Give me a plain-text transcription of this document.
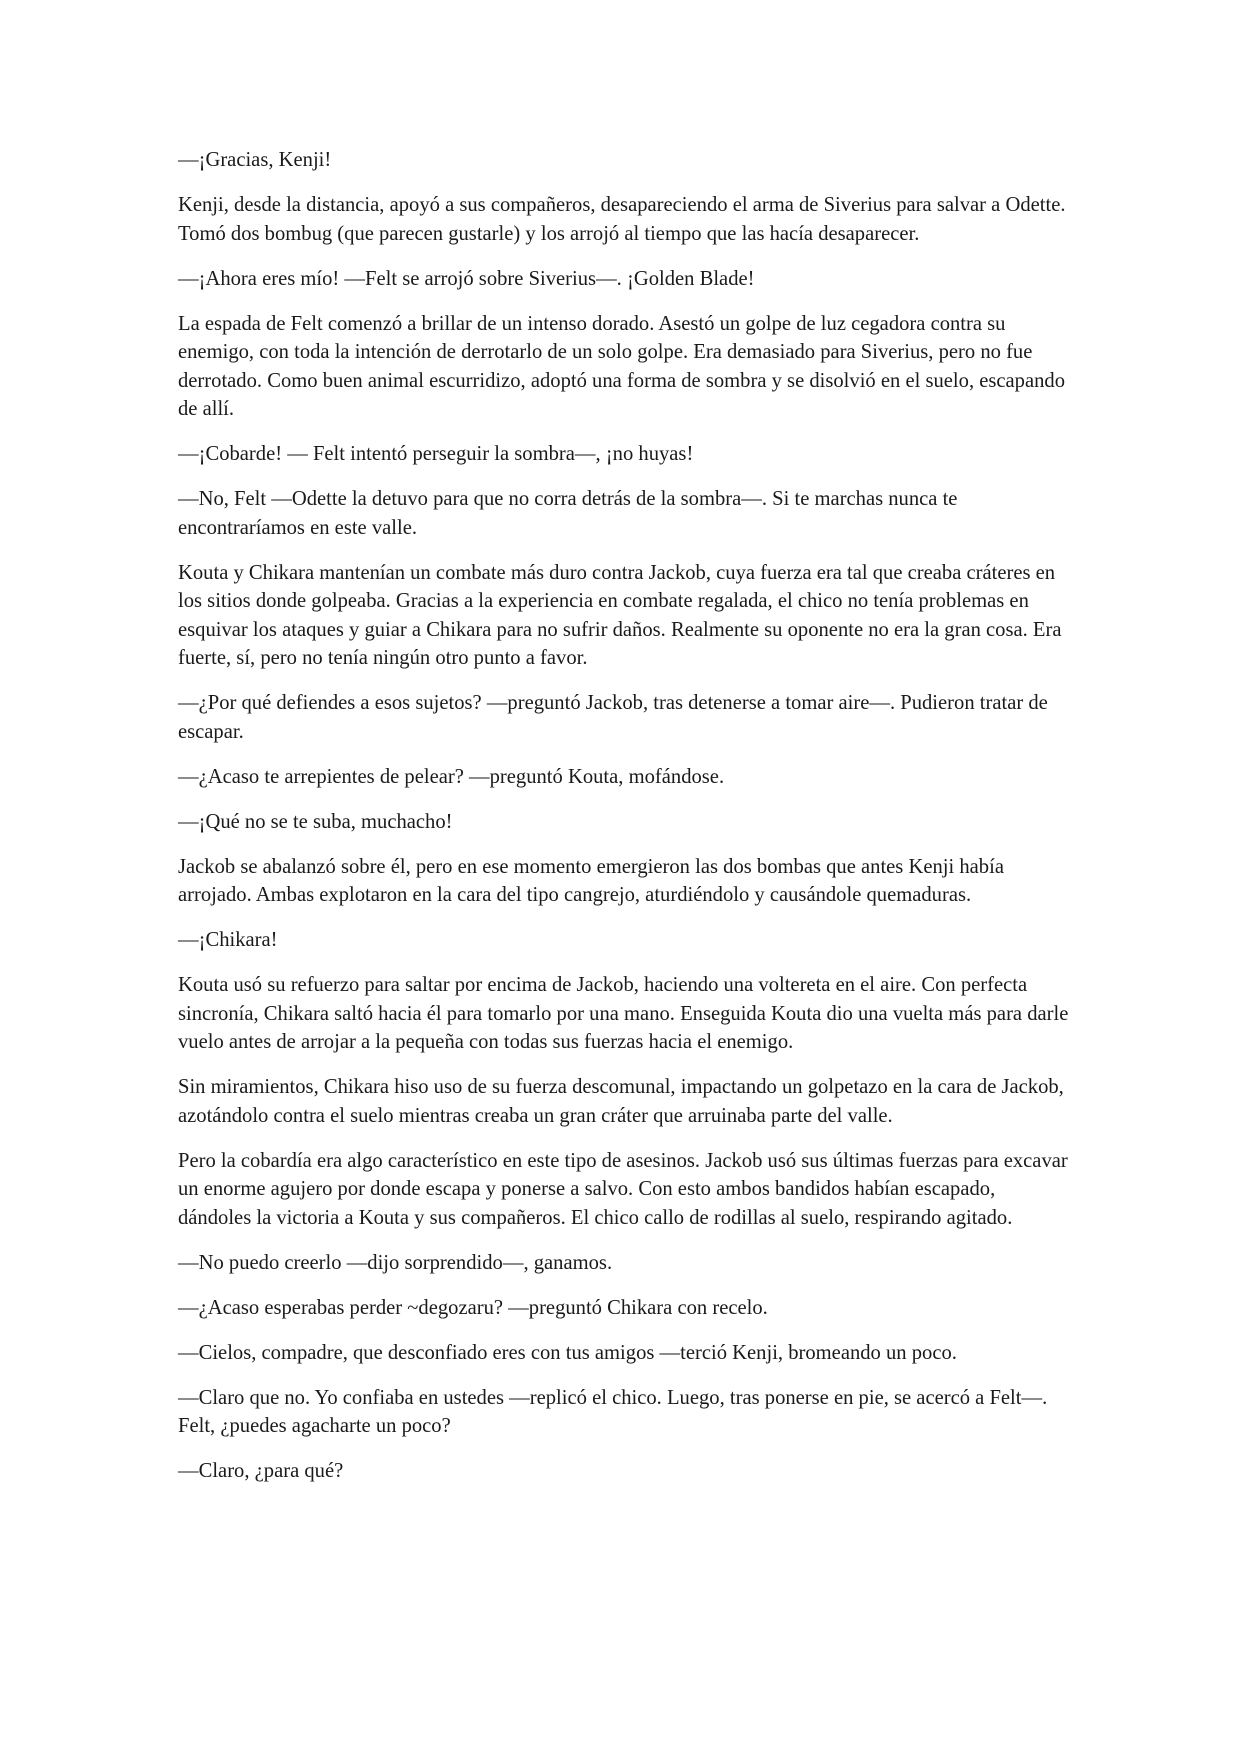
—¡Gracias, Kenji!

Kenji, desde la distancia, apoyó a sus compañeros, desapareciendo el arma de Siverius para salvar a Odette. Tomó dos bombug (que parecen gustarle) y los arrojó al tiempo que las hacía desaparecer.

—¡Ahora eres mío! —Felt se arrojó sobre Siverius—. ¡Golden Blade!

La espada de Felt comenzó a brillar de un intenso dorado. Asestó un golpe de luz cegadora contra su enemigo, con toda la intención de derrotarlo de un solo golpe. Era demasiado para Siverius, pero no fue derrotado. Como buen animal escurridizo, adoptó una forma de sombra y se disolvió en el suelo, escapando de allí.

—¡Cobarde! — Felt intentó perseguir la sombra—, ¡no huyas!

—No, Felt —Odette la detuvo para que no corra detrás de la sombra—. Si te marchas nunca te encontraríamos en este valle.

Kouta y Chikara mantenían un combate más duro contra Jackob, cuya fuerza era tal que creaba cráteres en los sitios donde golpeaba. Gracias a la experiencia en combate regalada, el chico no tenía problemas en esquivar los ataques y guiar a Chikara para no sufrir daños. Realmente su oponente no era la gran cosa. Era fuerte, sí, pero no tenía ningún otro punto a favor.

—¿Por qué defiendes a esos sujetos? —preguntó Jackob, tras detenerse a tomar aire—. Pudieron tratar de escapar.

—¿Acaso te arrepientes de pelear? —preguntó Kouta, mofándose.

—¡Qué no se te suba, muchacho!

Jackob se abalanzó sobre él, pero en ese momento emergieron las dos bombas que antes Kenji había arrojado. Ambas explotaron en la cara del tipo cangrejo, aturdiéndolo y causándole quemaduras.

—¡Chikara!

Kouta usó su refuerzo para saltar por encima de Jackob, haciendo una voltereta en el aire. Con perfecta sincronía, Chikara saltó hacia él para tomarlo por una mano. Enseguida Kouta dio una vuelta más para darle vuelo antes de arrojar a la pequeña con todas sus fuerzas hacia el enemigo.

Sin miramientos, Chikara hiso uso de su fuerza descomunal, impactando un golpetazo en la cara de Jackob, azotándolo contra el suelo mientras creaba un gran cráter que arruinaba parte del valle.

Pero la cobardía era algo característico en este tipo de asesinos. Jackob usó sus últimas fuerzas para excavar un enorme agujero por donde escapa y ponerse a salvo. Con esto ambos bandidos habían escapado, dándoles la victoria a Kouta y sus compañeros. El chico callo de rodillas al suelo, respirando agitado.

—No puedo creerlo —dijo sorprendido—, ganamos.

—¿Acaso esperabas perder ~degozaru? —preguntó Chikara con recelo.

—Cielos, compadre, que desconfiado eres con tus amigos —terció Kenji, bromeando un poco.

—Claro que no. Yo confiaba en ustedes —replicó el chico. Luego, tras ponerse en pie, se acercó a Felt—. Felt, ¿puedes agacharte un poco?

—Claro, ¿para qué?
